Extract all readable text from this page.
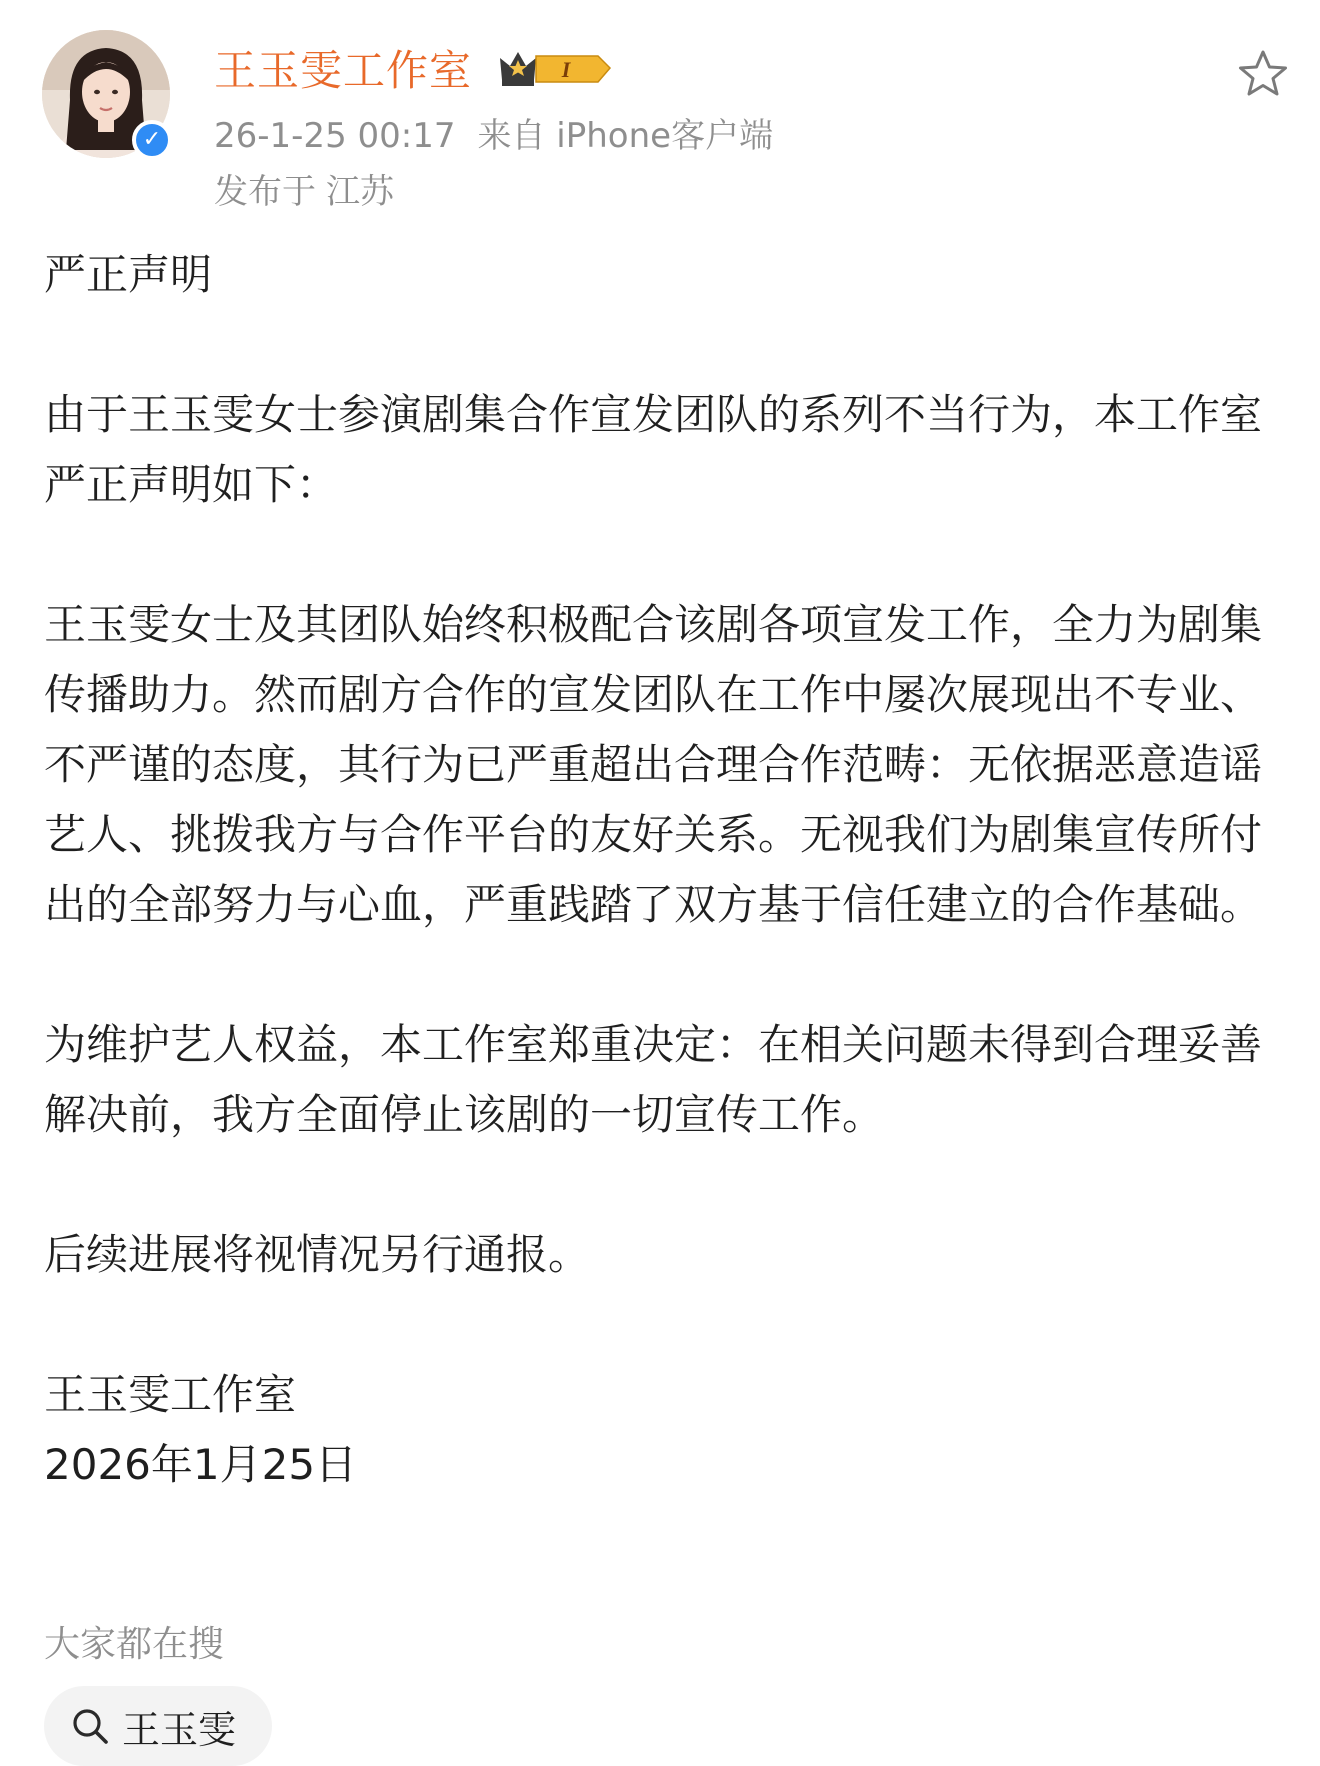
✓
王玉雯工作室	I
26-1-25 00:17 来自 iPhone客户端
发布于 江苏

严正声明

由于王玉雯女士参演剧集合作宣发团队的系列不当行为，本工作室严正声明如下：

王玉雯女士及其团队始终积极配合该剧各项宣发工作，全力为剧集传播助力。然而剧方合作的宣发团队在工作中屡次展现出不专业、不严谨的态度，其行为已严重超出合理合作范畴：无依据恶意造谣艺人、挑拨我方与合作平台的友好关系。无视我们为剧集宣传所付出的全部努力与心血，严重践踏了双方基于信任建立的合作基础。

为维护艺人权益，本工作室郑重决定：在相关问题未得到合理妥善解决前，我方全面停止该剧的一切宣传工作。

后续进展将视情况另行通报。

王玉雯工作室

2026年1月25日

大家都在搜
王玉雯
